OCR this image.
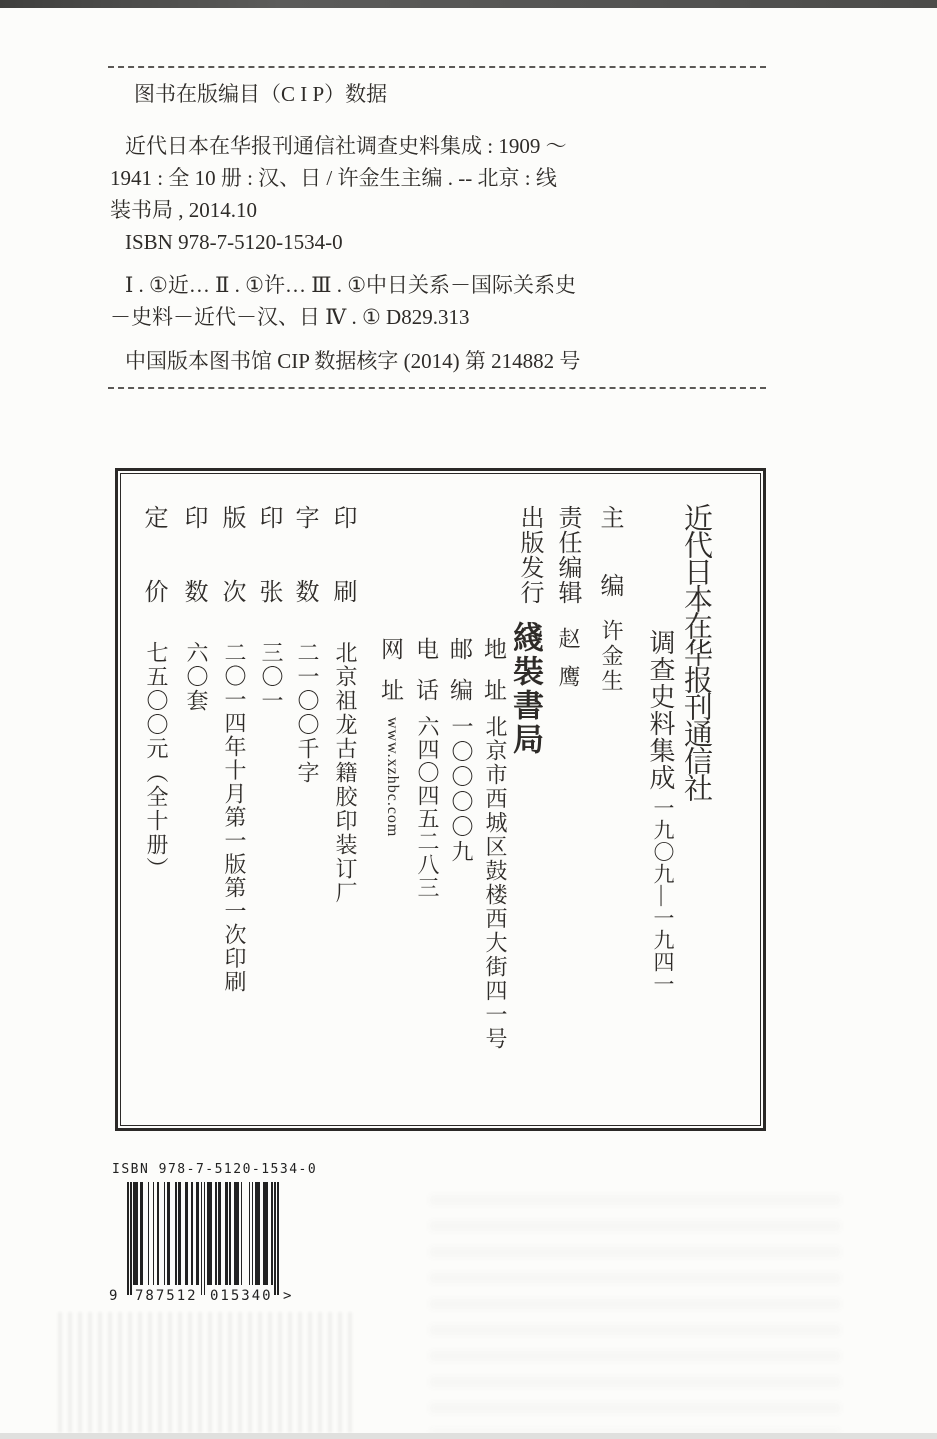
图书在版编目（C I P）数据

近代日本在华报刊通信社调查史料集成 : 1909 ～

1941 : 全 10 册 : 汉、日 / 许金生主编 . -- 北京 : 线

装书局 , 2014.10

ISBN 978-7-5120-1534-0

Ⅰ . ①近… Ⅱ . ①许… Ⅲ . ①中日关系－国际关系史

－史料－近代－汉、日 Ⅳ . ① D829.313

中国版本图书馆 CIP 数据核字 (2014) 第 214882 号

近代日本在华报刊通信社
调查史料集成
一九〇九—一九四一
主编
许金生
责任编辑
赵鹰
出版发行
綫裝書局
地址
北京市西城区鼓楼西大街四一号
邮编
一〇〇〇〇九
电话
六四〇四五二八三
网址
www.xzhbc.com
印刷
北京祖龙古籍胶印装订厂
字数
二一〇〇千字
印张
三〇一
版次
二〇一四年十月第一版第一次印刷
印数
六〇套
定价
七五〇〇元（全十册）
ISBN 978-7-5120-1534-0
9 787512 015340 >
